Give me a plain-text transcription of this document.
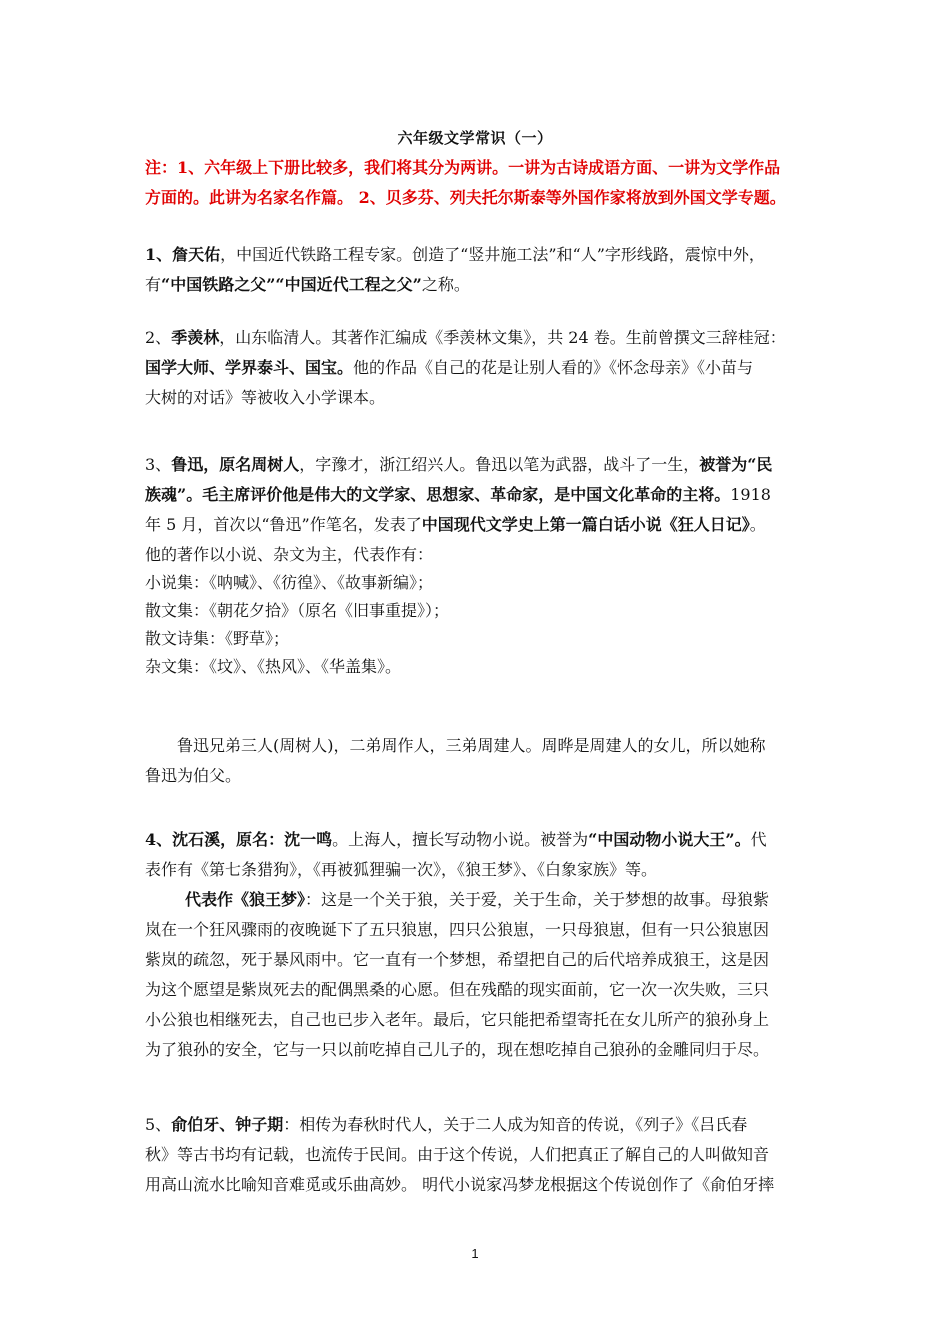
六年级文学常识（一）
注：1、六年级上下册比较多，我们将其分为两讲。一讲为古诗成语方面、一讲为文学作品
方面的。此讲为名家名作篇。 2、贝多芬、列夫托尔斯泰等外国作家将放到外国文学专题。
1、詹天佑，中国近代铁路工程专家。创造了“竖井施工法”和“人”字形线路，震惊中外，
有“中国铁路之父”“中国近代工程之父”之称。
2、季羡林，山东临清人。其著作汇编成《季羡林文集》，共 24 卷。生前曾撰文三辞桂冠：
国学大师、学界泰斗、国宝。他的作品《自己的花是让别人看的》《怀念母亲》《小苗与
大树的对话》等被收入小学课本。
3、鲁迅，原名周树人，字豫才，浙江绍兴人。鲁迅以笔为武器，战斗了一生，被誉为“民
族魂”。毛主席评价他是伟大的文学家、思想家、革命家，是中国文化革命的主将。1918
年 5 月，首次以“鲁迅”作笔名，发表了中国现代文学史上第一篇白话小说《狂人日记》。
他的著作以小说、杂文为主，代表作有：
小说集：《呐喊》、《彷徨》、《故事新编》；
散文集：《朝花夕拾》（原名《旧事重提》）；
散文诗集：《野草》；
杂文集：《坟》、《热风》、《华盖集》。
鲁迅兄弟三人(周树人)，二弟周作人，三弟周建人。周晔是周建人的女儿，所以她称
鲁迅为伯父。
4、沈石溪，原名：沈一鸣。上海人，擅长写动物小说。被誉为“中国动物小说大王”。代
表作有《第七条猎狗》，《再被狐狸骗一次》，《狼王梦》、《白象家族》等。
代表作《狼王梦》：这是一个关于狼，关于爱，关于生命，关于梦想的故事。母狼紫
岚在一个狂风骤雨的夜晚诞下了五只狼崽，四只公狼崽，一只母狼崽，但有一只公狼崽因
紫岚的疏忽，死于暴风雨中。它一直有一个梦想，希望把自己的后代培养成狼王，这是因
为这个愿望是紫岚死去的配偶黑桑的心愿。但在残酷的现实面前，它一次一次失败，三只
小公狼也相继死去，自己也已步入老年。最后，它只能把希望寄托在女儿所产的狼孙身上
为了狼孙的安全，它与一只以前吃掉自己儿子的，现在想吃掉自己狼孙的金雕同归于尽。
5、俞伯牙、钟子期：相传为春秋时代人，关于二人成为知音的传说，《列子》《吕氏春
秋》等古书均有记载，也流传于民间。由于这个传说，人们把真正了解自己的人叫做知音
用高山流水比喻知音难觅或乐曲高妙。 明代小说家冯梦龙根据这个传说创作了《俞伯牙摔
1
